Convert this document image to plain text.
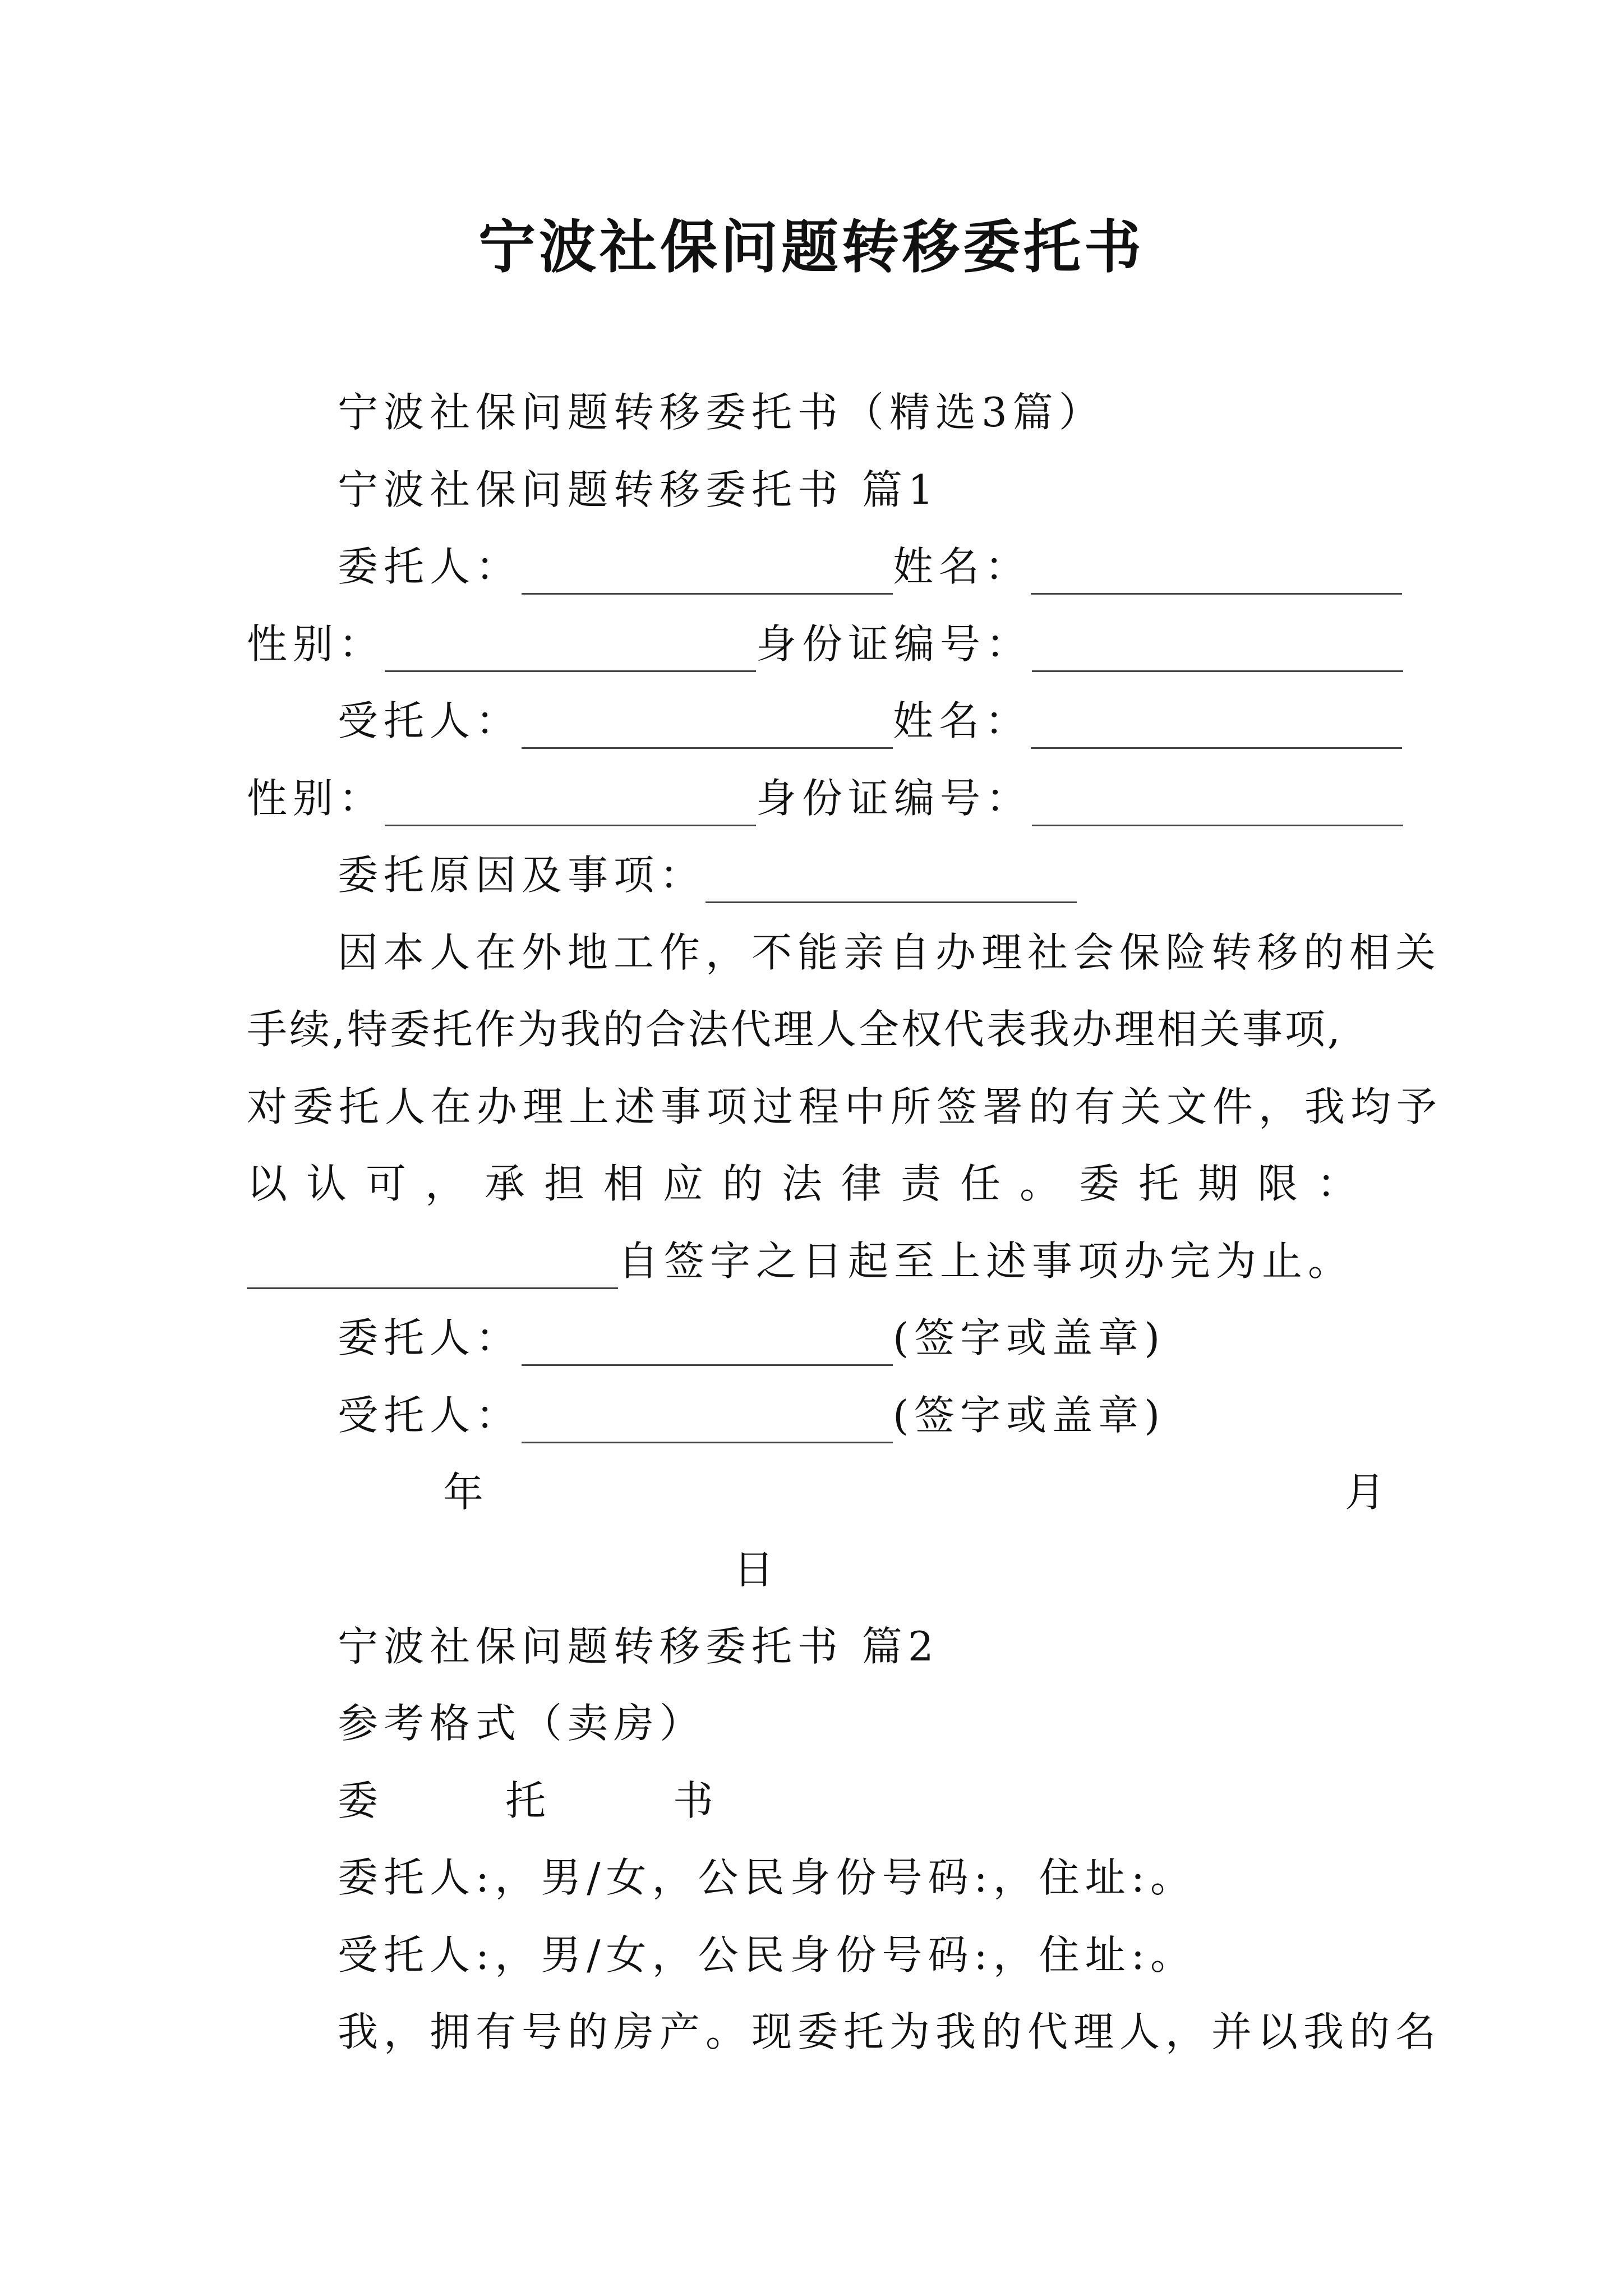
宁波社保问题转移委托书
宁波社保问题转移委托书（精选3篇）
宁波社保问题转移委托书 篇1
委托人：	姓名：
性别：	身份证编号：
受托人：	姓名：
性别：	身份证编号：
委托原因及事项：
因本人在外地工作，不能亲自办理社会保险转移的相关
手续,特委托作为我的合法代理人全权代表我办理相关事项,
对委托人在办理上述事项过程中所签署的有关文件，我均予
以认可，承担相应的法律责任。委托期限：
自签字之日起至上述事项办完为止。
委托人：	(签字或盖章)
受托人：	(签字或盖章)
年	月
日
宁波社保问题转移委托书 篇2
参考格式（卖房）
委	托	书
委托人:，男/女，公民身份号码:，住址:。
受托人:，男/女，公民身份号码:，住址:。
我，拥有号的房产。现委托为我的代理人，并以我的名
